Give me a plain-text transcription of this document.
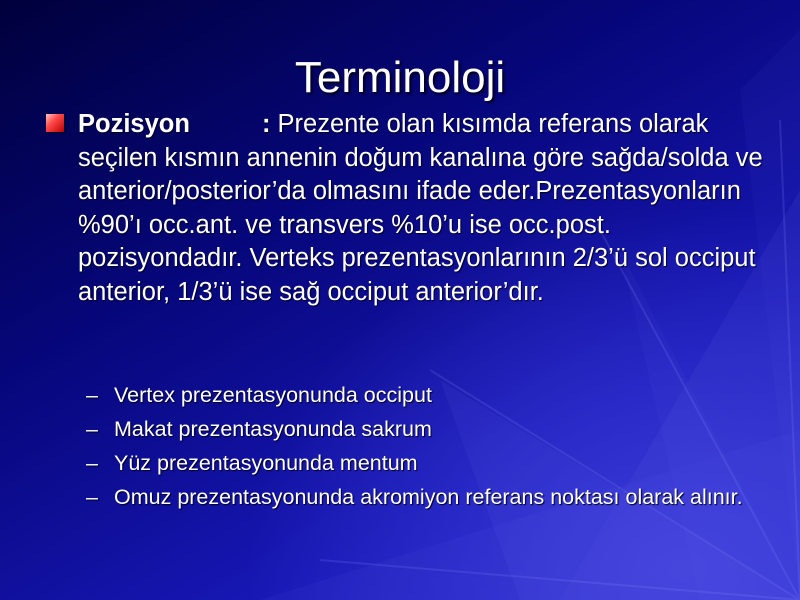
Terminoloji
Pozisyon	: Prezente olan kısımda referans olarak seçilen kısmın annenin doğum kanalına göre sağda/solda ve anterior/posterior’da olmasını ifade eder.Prezentasyonların %90’ı occ.ant. ve transvers %10’u ise occ.post. pozisyondadır. Verteks prezentasyonlarının 2/3’ü sol occiput anterior, 1/3’ü ise sağ occiput anterior’dır.
– Vertex prezentasyonunda occiput
– Makat prezentasyonunda sakrum
– Yüz prezentasyonunda mentum
– Omuz prezentasyonunda akromiyon referans noktası olarak alınır.
